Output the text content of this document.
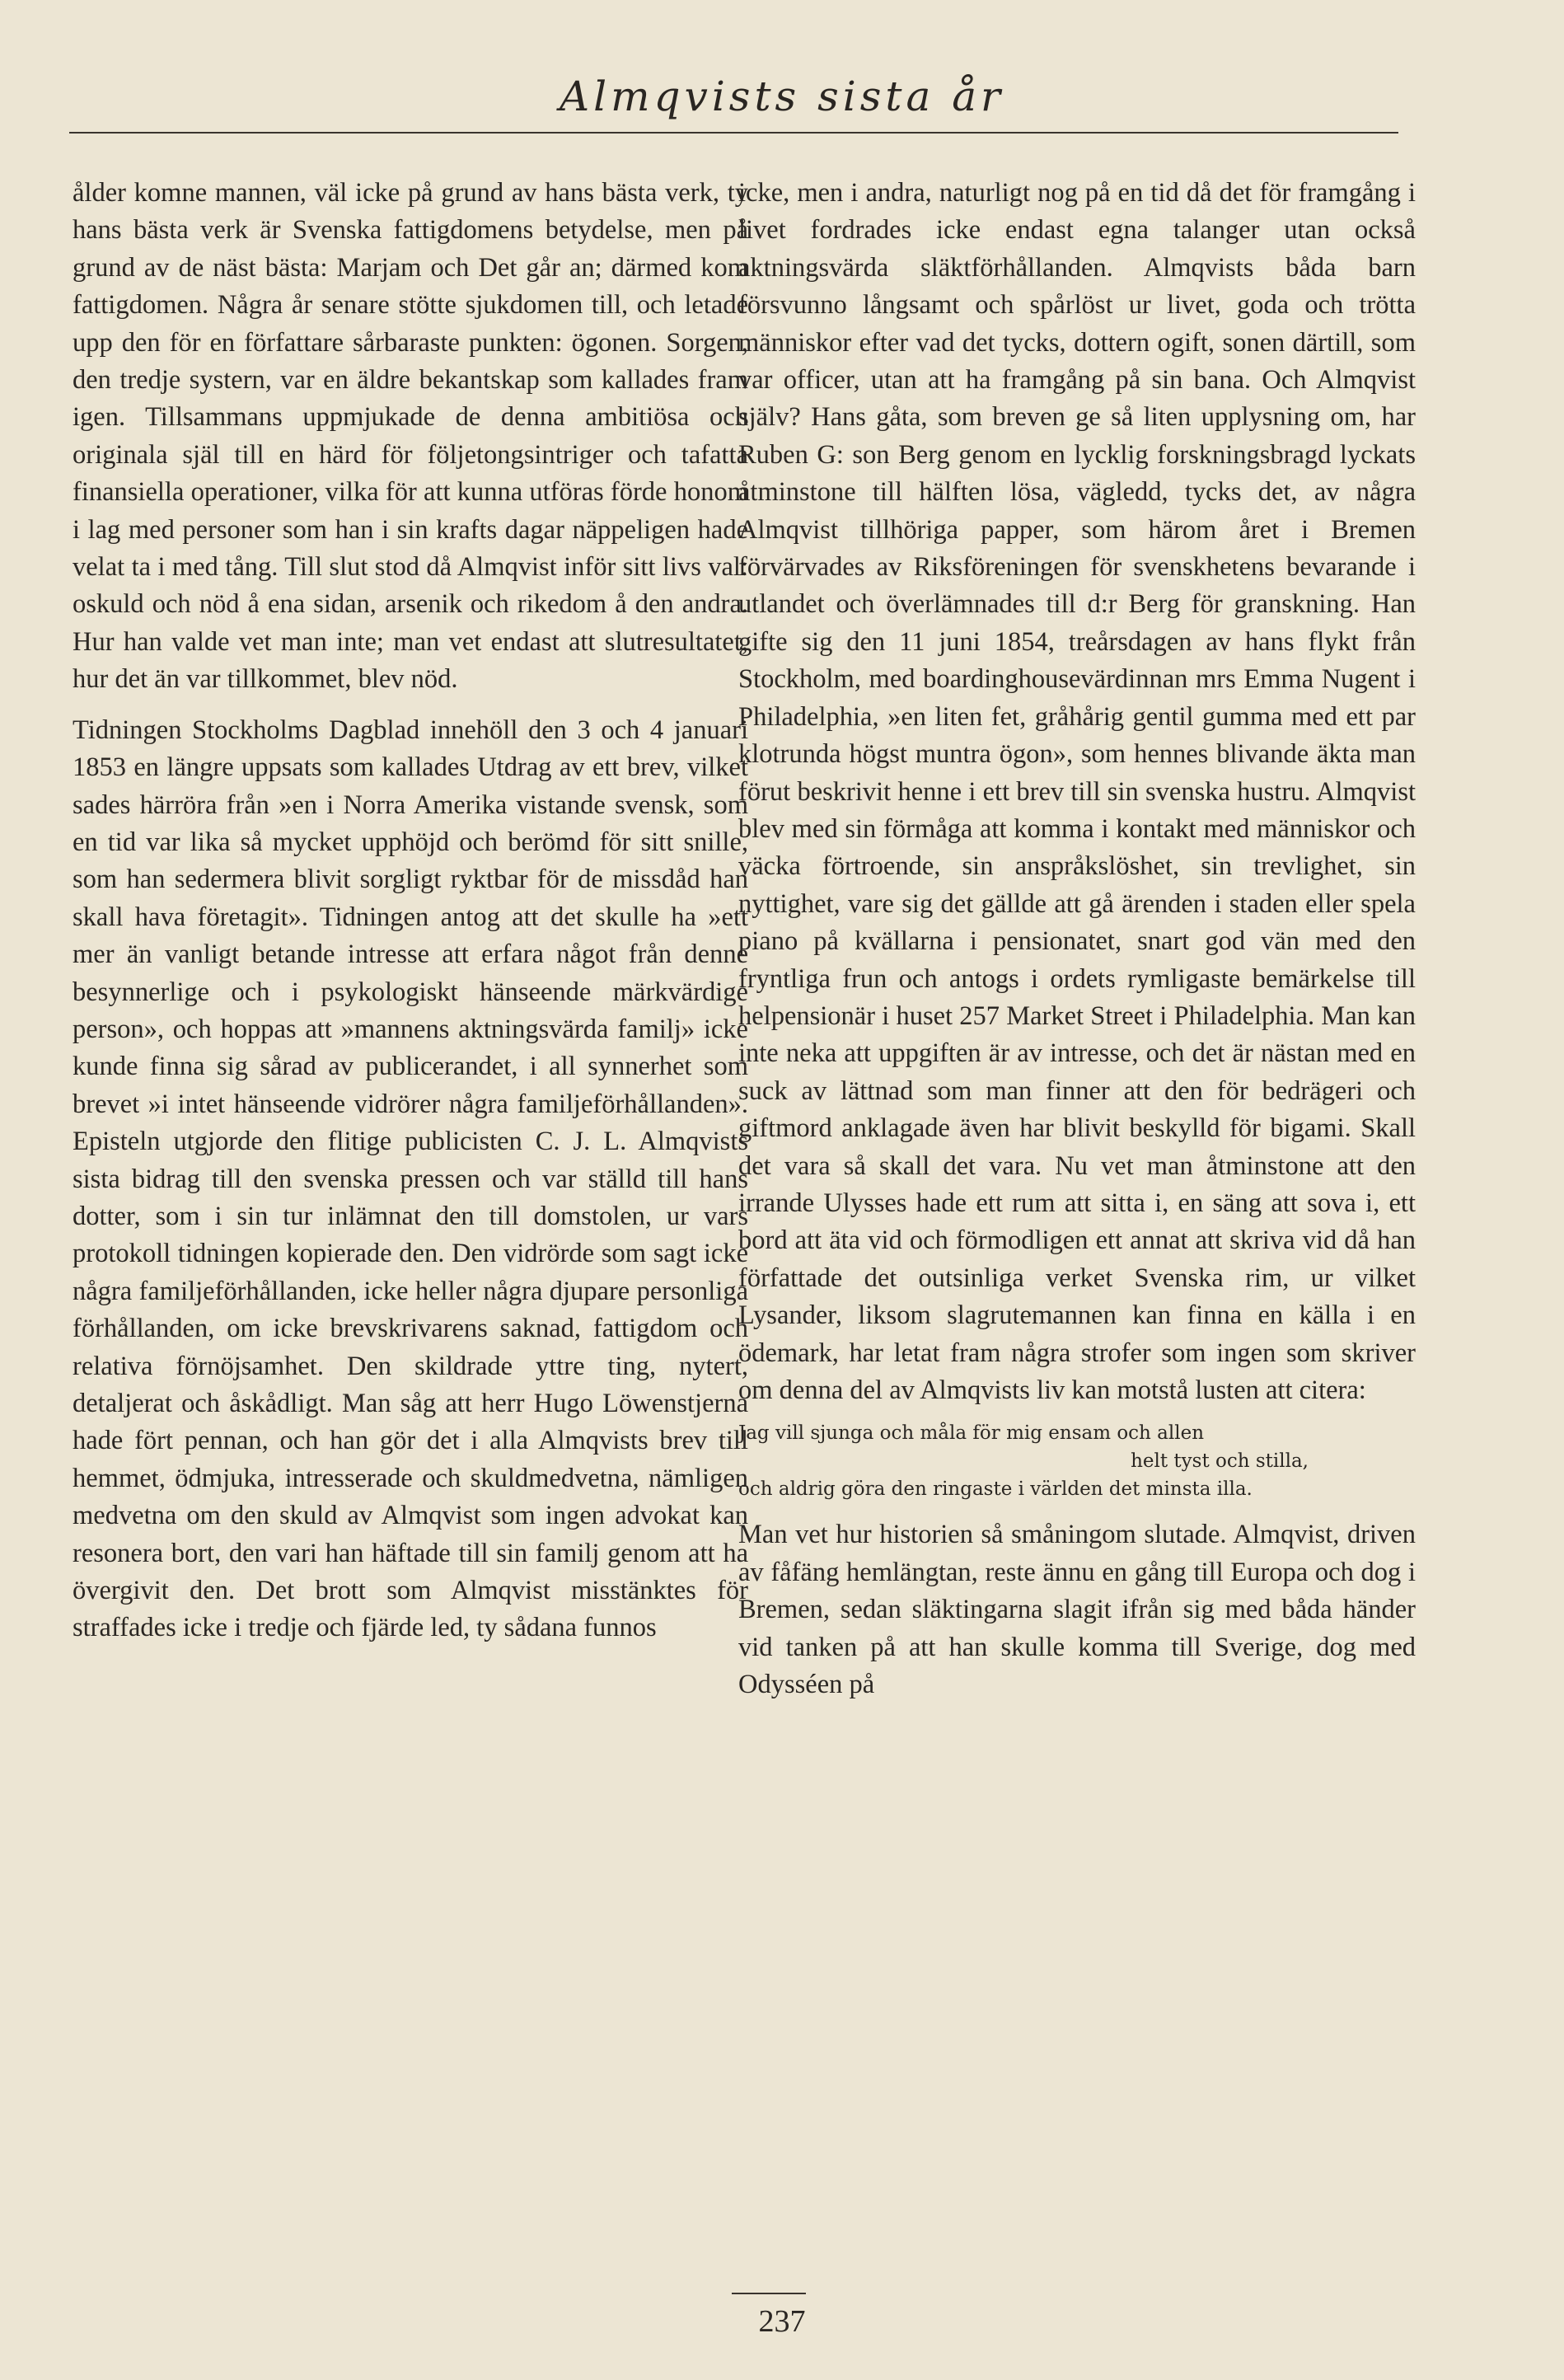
Almqvists sista år

ålder komne mannen, väl icke på grund av hans bästa verk, ty hans bästa verk är Svenska fattigdomens betydelse, men på grund av de näst bästa: Marjam och Det går an; därmed kom fattigdomen. Några år senare stötte sjukdomen till, och letade upp den för en författare sårbaraste punkten: ögonen. Sorgen, den tredje systern, var en äldre bekantskap som kallades fram igen. Tillsammans uppmjukade de denna ambitiösa och originala själ till en härd för följetongsintriger och tafatta finansiella operationer, vilka för att kunna utföras förde honom i lag med personer som han i sin krafts dagar näppeligen hade velat ta i med tång. Till slut stod då Almqvist inför sitt livs val: oskuld och nöd å ena sidan, arsenik och rikedom å den andra. Hur han valde vet man inte; man vet endast att slutresultatet, hur det än var tillkommet, blev nöd.

Tidningen Stockholms Dagblad innehöll den 3 och 4 januari 1853 en längre uppsats som kallades Utdrag av ett brev, vilket sades härröra från »en i Norra Amerika vistande svensk, som en tid var lika så mycket upphöjd och berömd för sitt snille, som han sedermera blivit sorgligt ryktbar för de missdåd han skall hava företagit». Tidningen antog att det skulle ha »ett mer än vanligt betande intresse att erfara något från denne besynnerlige och i psykologiskt hänseende märkvärdige person», och hoppas att »mannens aktningsvärda familj» icke kunde finna sig sårad av publicerandet, i all synnerhet som brevet »i intet hänseende vidrörer några familjeförhållanden». Episteln utgjorde den flitige publicisten C. J. L. Almqvists sista bidrag till den svenska pressen och var ställd till hans dotter, som i sin tur inlämnat den till domstolen, ur vars protokoll tidningen kopierade den. Den vidrörde som sagt icke några familjeförhållanden, icke heller några djupare personliga förhållanden, om icke brevskrivarens saknad, fattigdom och relativa förnöjsamhet. Den skildrade yttre ting, nytert, detaljerat och åskådligt. Man såg att herr Hugo Löwenstjerna hade fört pennan, och han gör det i alla Almqvists brev till hemmet, ödmjuka, intresserade och skuldmedvetna, nämligen medvetna om den skuld av Almqvist som ingen advokat kan resonera bort, den vari han häftade till sin familj genom att ha övergivit den. Det brott som Almqvist misstänktes för straffades icke i tredje och fjärde led, ty sådana funnos

icke, men i andra, naturligt nog på en tid då det för framgång i livet fordrades icke endast egna talanger utan också aktningsvärda släktförhållanden. Almqvists båda barn försvunno långsamt och spårlöst ur livet, goda och trötta människor efter vad det tycks, dottern ogift, sonen därtill, som var officer, utan att ha framgång på sin bana. Och Almqvist själv? Hans gåta, som breven ge så liten upplysning om, har Ruben G: son Berg genom en lycklig forskningsbragd lyckats åtminstone till hälften lösa, vägledd, tycks det, av några Almqvist tillhöriga papper, som härom året i Bremen förvärvades av Riksföreningen för svenskhetens bevarande i utlandet och överlämnades till d:r Berg för granskning. Han gifte sig den 11 juni 1854, treårsdagen av hans flykt från Stockholm, med boardinghousevärdinnan mrs Emma Nugent i Philadelphia, »en liten fet, gråhårig gentil gumma med ett par klotrunda högst muntra ögon», som hennes blivande äkta man förut beskrivit henne i ett brev till sin svenska hustru. Almqvist blev med sin förmåga att komma i kontakt med människor och väcka förtroende, sin anspråkslöshet, sin trevlighet, sin nyttighet, vare sig det gällde att gå ärenden i staden eller spela piano på kvällarna i pensionatet, snart god vän med den fryntliga frun och antogs i ordets rymligaste bemärkelse till helpensionär i huset 257 Market Street i Philadelphia. Man kan inte neka att uppgiften är av intresse, och det är nästan med en suck av lättnad som man finner att den för bedrägeri och giftmord anklagade även har blivit beskylld för bigami. Skall det vara så skall det vara. Nu vet man åtminstone att den irrande Ulysses hade ett rum att sitta i, en säng att sova i, ett bord att äta vid och förmodligen ett annat att skriva vid då han författade det outsinliga verket Svenska rim, ur vilket Lysander, liksom slagrutemannen kan finna en källa i en ödemark, har letat fram några strofer som ingen som skriver om denna del av Almqvists liv kan motstå lusten att citera:

Jag vill sjunga och måla för mig ensam och allen
helt tyst och stilla,
och aldrig göra den ringaste i världen det minsta illa.

Man vet hur historien så småningom slutade. Almqvist, driven av fåfäng hemlängtan, reste ännu en gång till Europa och dog i Bremen, sedan släktingarna slagit ifrån sig med båda händer vid tanken på att han skulle komma till Sverige, dog med Odysséen på

237
